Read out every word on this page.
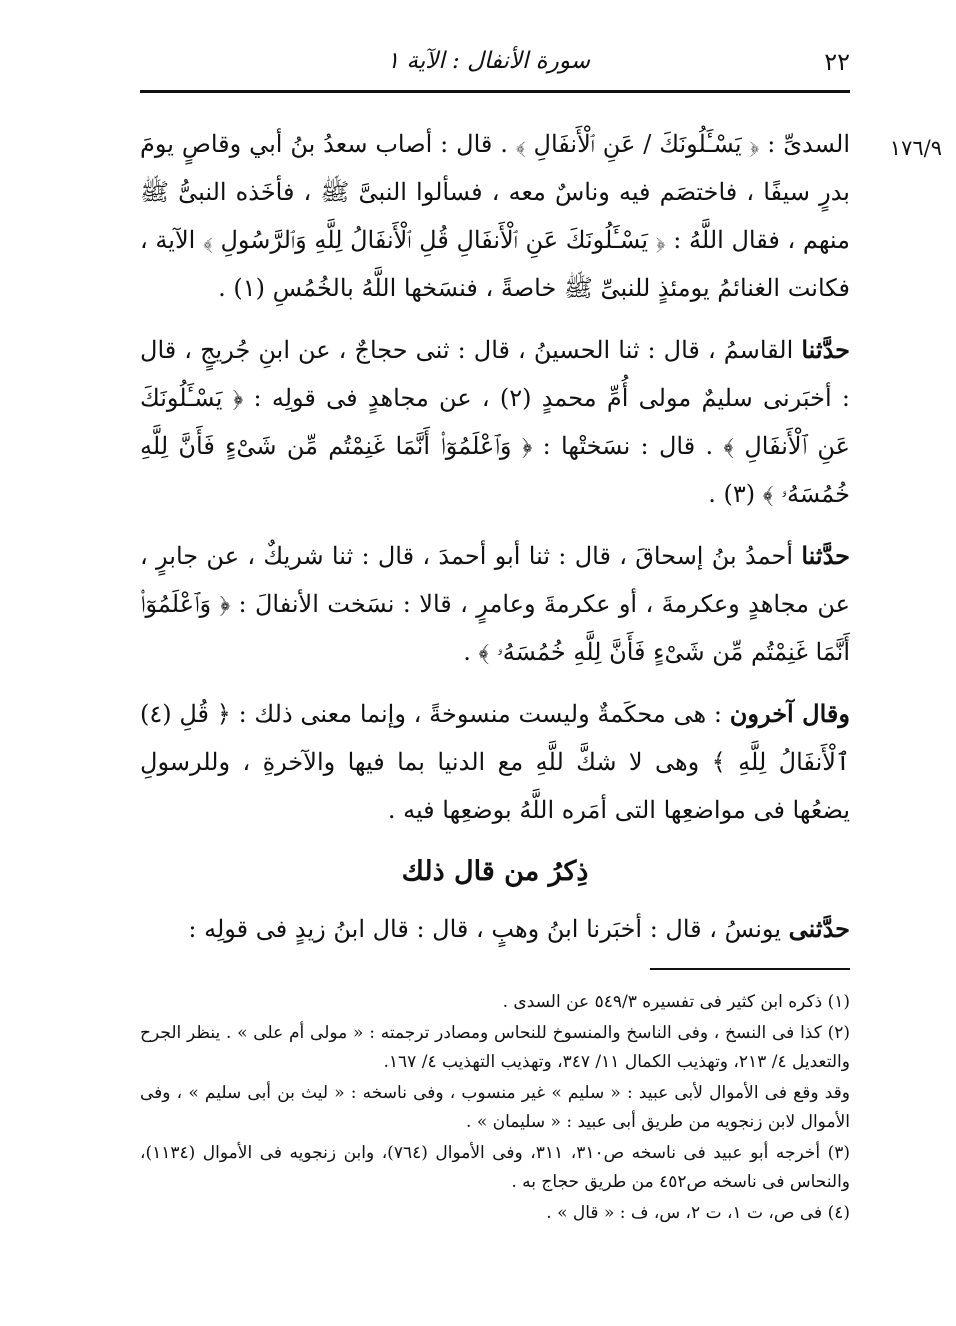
٢٢
سورة الأنفال : الآية ١
١٧٦/٩

السدىِّ : ﴿ يَسْـَٔلُونَكَ / عَنِ ٱلْأَنفَالِ ﴾ . قال : أصاب سعدُ بنُ أبي وقاصٍ يومَ بدرٍ سيفًا ، فاختصَم فيه وناسٌ معه ، فسألوا النبىَّ ﷺ ، فأخَذه النبىُّ ﷺ منهم ، فقال اللَّهُ : ﴿ يَسْـَٔلُونَكَ عَنِ ٱلْأَنفَالِ قُلِ ٱلْأَنفَالُ لِلَّهِ وَٱلرَّسُولِ ﴾ الآية ، فكانت الغنائمُ يومئذٍ للنبىِّ ﷺ خاصةً ، فنسَخها اللَّهُ بالخُمُسِ (١) .

حدَّثنا القاسمُ ، قال : ثنا الحسينُ ، قال : ثنى حجاجٌ ، عن ابنِ جُريجٍ ، قال : أخبَرنى سليمٌ مولى أُمِّ محمدٍ (٢) ، عن مجاهدٍ فى قولِه : ﴿ يَسْـَٔلُونَكَ عَنِ ٱلْأَنفَالِ ﴾ . قال : نسَختْها : ﴿ وَٱعْلَمُوٓا۟ أَنَّمَا غَنِمْتُم مِّن شَىْءٍ فَأَنَّ لِلَّهِ خُمُسَهُۥ ﴾ (٣) .

حدَّثنا أحمدُ بنُ إسحاقَ ، قال : ثنا أبو أحمدَ ، قال : ثنا شريكٌ ، عن جابرٍ ، عن مجاهدٍ وعكرمةَ ، أو عكرمةَ وعامرٍ ، قالا : نسَخت الأنفالَ : ﴿ وَٱعْلَمُوٓا۟ أَنَّمَا غَنِمْتُم مِّن شَىْءٍ فَأَنَّ لِلَّهِ خُمُسَهُۥ ﴾ .

وقال آخرون : هى محكَمةٌ وليست منسوخةً ، وإنما معنى ذلك : ﴿ قُلِ (٤) ٱلْأَنفَالُ لِلَّهِ ﴾ وهى لا شكَّ للَّهِ مع الدنيا بما فيها والآخرةِ ، وللرسولِ يضعُها فى مواضعِها التى أمَره اللَّهُ بوضعِها فيه .

ذِكرُ من قال ذلك

حدَّثنى يونسُ ، قال : أخبَرنا ابنُ وهبٍ ، قال : قال ابنُ زيدٍ فى قولِه :

(١) ذكره ابن كثير فى تفسيره ٥٤٩/٣ عن السدى .

(٢) كذا فى النسخ ، وفى الناسخ والمنسوخ للنحاس ومصادر ترجمته : « مولى أم على » . ينظر الجرح والتعديل ٤/ ٢١٣، وتهذيب الكمال ١١/ ٣٤٧، وتهذيب التهذيب ٤/ ١٦٧.

وقد وقع فى الأموال لأبى عبيد : « سليم » غير منسوب ، وفى ناسخه : « ليث بن أبى سليم » ، وفى الأموال لابن زنجويه من طريق أبى عبيد : « سليمان » .

(٣) أخرجه أبو عبيد فى ناسخه ص٣١٠، ٣١١، وفى الأموال (٧٦٤)، وابن زنجويه فى الأموال (١١٣٤)، والنحاس فى ناسخه ص٤٥٢ من طريق حجاج به .

(٤) فى ص، ت ١، ت ٢، س، ف : « قال » .
